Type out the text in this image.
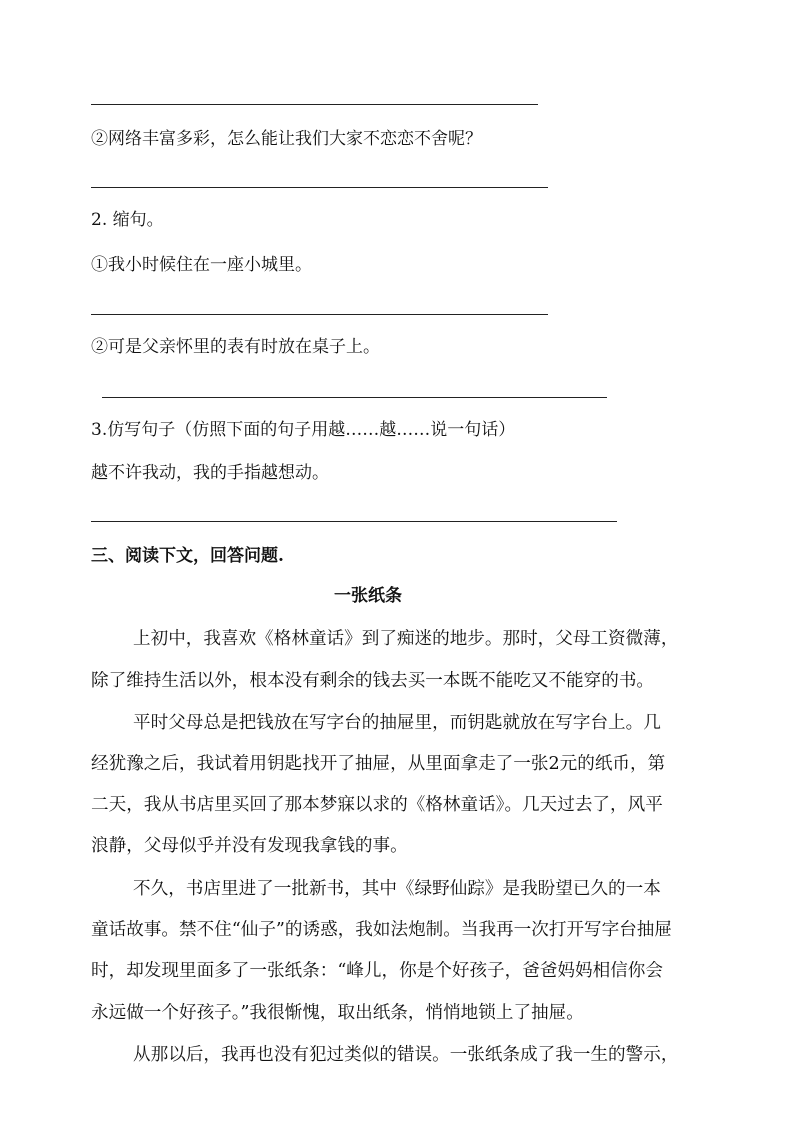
②网络丰富多彩，怎么能让我们大家不恋恋不舍呢？

2. 缩句。

①我小时候住在一座小城里。

②可是父亲怀里的表有时放在桌子上。

3.仿写句子（仿照下面的句子用越……越……说一句话）

越不许我动，我的手指越想动。

三、阅读下文，回答问题.

一张纸条

上初中，我喜欢《格林童话》到了痴迷的地步。那时，父母工资微薄，

除了维持生活以外，根本没有剩余的钱去买一本既不能吃又不能穿的书。

平时父母总是把钱放在写字台的抽屉里，而钥匙就放在写字台上。几

经犹豫之后，我试着用钥匙找开了抽屉，从里面拿走了一张2元的纸币，第

二天，我从书店里买回了那本梦寐以求的《格林童话》。几天过去了，风平

浪静，父母似乎并没有发现我拿钱的事。

不久，书店里进了一批新书，其中《绿野仙踪》是我盼望已久的一本

童话故事。禁不住“仙子”的诱惑，我如法炮制。当我再一次打开写字台抽屉

时，却发现里面多了一张纸条：“峰儿，你是个好孩子，爸爸妈妈相信你会

永远做一个好孩子。”我很惭愧，取出纸条，悄悄地锁上了抽屉。

从那以后，我再也没有犯过类似的错误。一张纸条成了我一生的警示，
